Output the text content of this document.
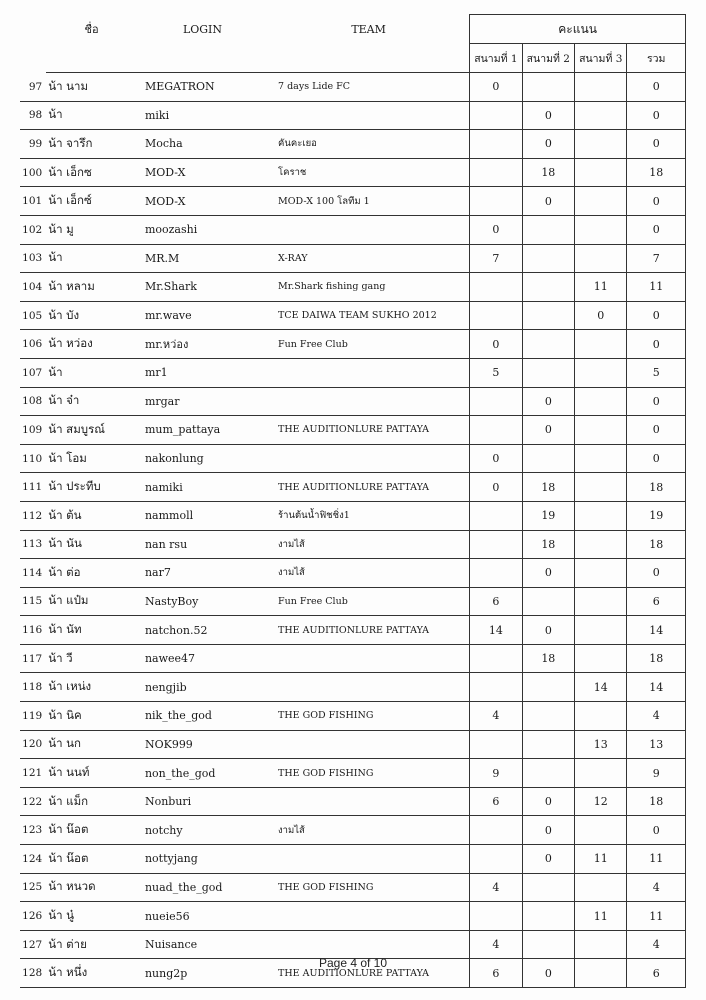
	ชื่อ	LOGIN	TEAM	คะแนน			
				สนามที่ 1	สนามที่ 2	สนามที่ 3	รวม
97	น้า นาม	MEGATRON	7 days Lide FC	0			0
98	น้า	miki			0		0
99	น้า จารึก	Mocha	คันคะเยอ		0		0
100	น้า เอ็กซ	MOD-X	โคราช		18		18
101	น้า เอ็กซ์	MOD-X	MOD-X 100 โลทีม 1		0		0
102	น้า มู	moozashi		0			0
103	น้า	MR.M	X-RAY	7			7
104	น้า หลาม	Mr.Shark	Mr.Shark fishing gang			11	11
105	น้า บัง	mr.wave	TCE DAIWA TEAM SUKHO 2012			0	0
106	น้า หว่อง	mr.หว่อง	Fun Free Club	0			0
107	น้า	mr1		5			5
108	น้า จ๋า	mrgar			0		0
109	น้า สมบูรณ์	mum_pattaya	THE AUDITIONLURE PATTAYA		0		0
110	น้า โอม	nakonlung		0			0
111	น้า ประทีบ	namiki	THE AUDITIONLURE PATTAYA	0	18		18
112	น้า ต้น	nammoll	ร้านต้นน้ำฟิชชิ่ง1		19		19
113	น้า นัน	nan rsu	งามไส้		18		18
114	น้า ต่อ	nar7	งามไส้		0		0
115	น้า แป๋ม	NastyBoy	Fun Free Club	6			6
116	น้า นัท	natchon.52	THE AUDITIONLURE PATTAYA	14	0		14
117	น้า วี	nawee47			18		18
118	น้า เหน่ง	nengjib				14	14
119	น้า นิค	nik_the_god	THE GOD FISHING	4			4
120	น้า นก	NOK999				13	13
121	น้า นนท์	non_the_god	THE GOD FISHING	9			9
122	น้า แม็ก	Nonburi		6	0	12	18
123	น้า น๊อต	notchy	งามไส้		0		0
124	น้า น๊อต	nottyjang			0	11	11
125	น้า หนวด	nuad_the_god	THE GOD FISHING	4			4
126	น้า นู๋	nueie56				11	11
127	น้า ต่าย	Nuisance		4			4
128	น้า หนึ่ง	nung2p	THE AUDITIONLURE PATTAYA	6	0		6
Page 4 of 10
